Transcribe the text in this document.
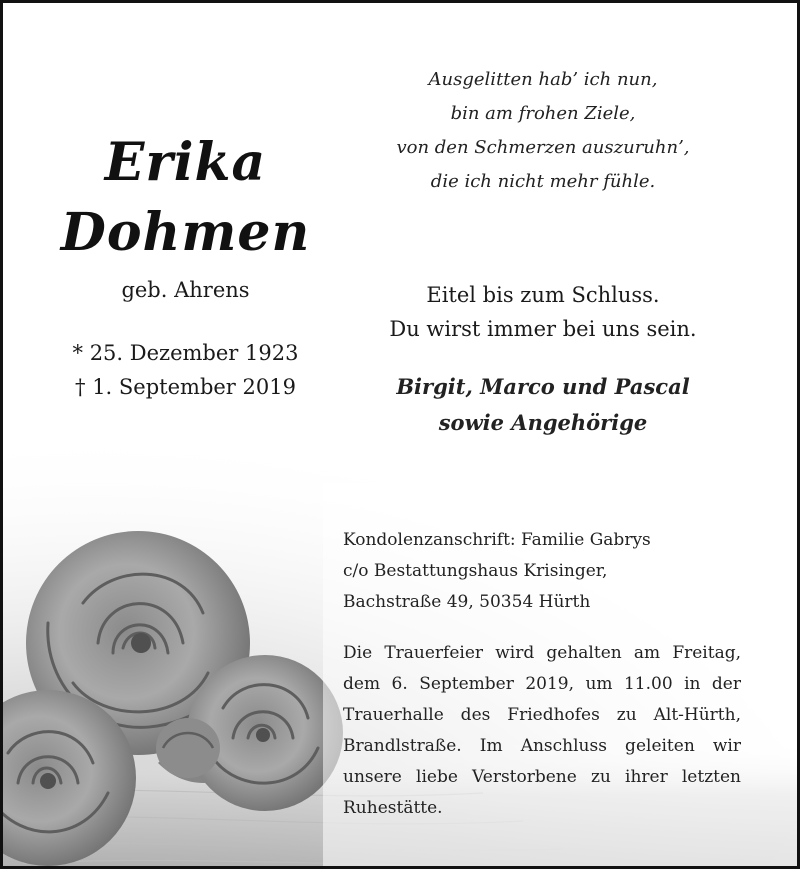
Erika
Dohmen
geb. Ahrens
* 25. Dezember 1923
† 1. September 2019
Ausgelitten hab’ ich nun,
bin am frohen Ziele,
von den Schmerzen auszuruhn’,
die ich nicht mehr fühle.
Eitel bis zum Schluss.
Du wirst immer bei uns sein.
Birgit, Marco und Pascal
sowie Angehörige
Kondolenzanschrift: Familie Gabrys
c/o Bestattungshaus Krisinger,
Bachstraße 49, 50354 Hürth
Die Trauerfeier wird gehalten am Freitag, dem 6. September 2019, um 11.00 in der Trauerhalle des Friedhofes zu Alt-Hürth, Brandlstraße. Im Anschluss geleiten wir unsere liebe Verstorbene zu ihrer letzten Ruhestätte.
